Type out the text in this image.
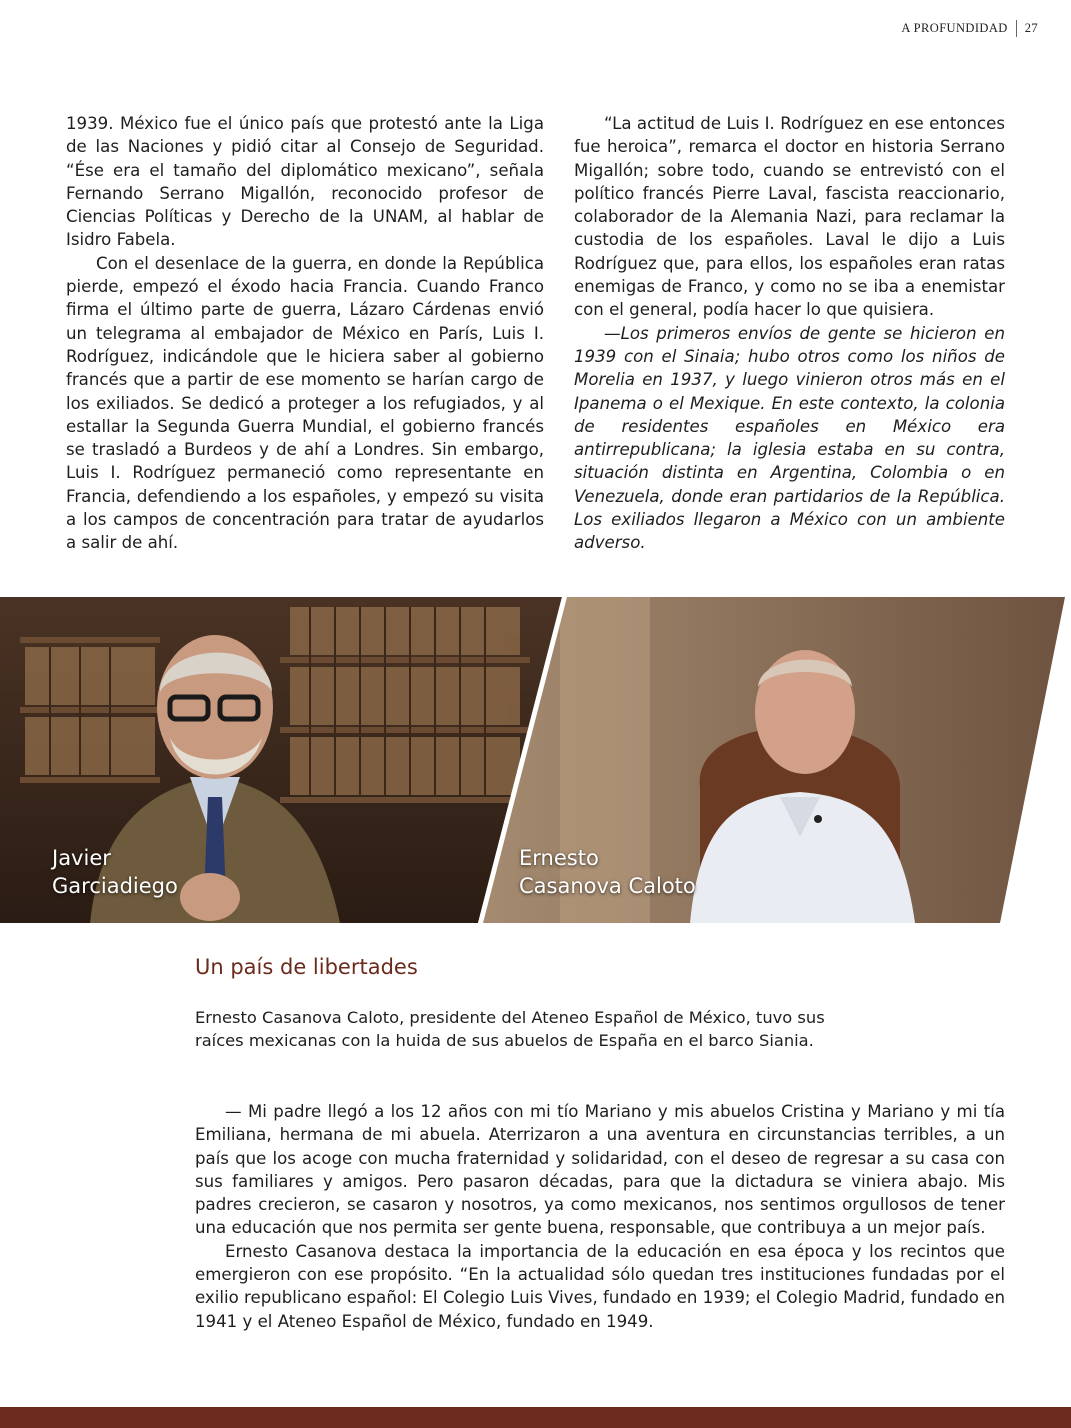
A PROFUNDIDAD 27

1939. México fue el único país que protestó ante la Liga de las Naciones y pidió citar al Consejo de Seguridad. “Ése era el tamaño del diplomático mexicano”, señala Fernando Serrano Migallón, reconocido profesor de Ciencias Políticas y Derecho de la UNAM, al hablar de Isidro Fabela.

Con el desenlace de la guerra, en donde la República pierde, empezó el éxodo hacia Francia. Cuando Franco firma el último parte de guerra, Lázaro Cárdenas envió un telegrama al embajador de México en París, Luis I. Rodríguez, indicándole que le hiciera saber al gobierno francés que a partir de ese momento se harían cargo de los exiliados. Se dedicó a proteger a los refugiados, y al estallar la Segunda Guerra Mundial, el gobierno francés se trasladó a Burdeos y de ahí a Londres. Sin embargo, Luis I. Rodríguez permaneció como representante en Francia, defendiendo a los españoles, y empezó su visita a los campos de concentración para tratar de ayudarlos a salir de ahí.

“La actitud de Luis I. Rodríguez en ese entonces fue heroica”, remarca el doctor en historia Serrano Migallón; sobre todo, cuando se entrevistó con el político francés Pierre Laval, fascista reaccionario, colaborador de la Alemania Nazi, para reclamar la custodia de los españoles. Laval le dijo a Luis Rodríguez que, para ellos, los españoles eran ratas enemigas de Franco, y como no se iba a enemistar con el general, podía hacer lo que quisiera.

—Los primeros envíos de gente se hicieron en 1939 con el Sinaia; hubo otros como los niños de Morelia en 1937, y luego vinieron otros más en el Ipanema o el Mexique. En este contexto, la colonia de residentes españoles en México era antirrepublicana; la iglesia estaba en su contra, situación distinta en Argentina, Colombia o en Venezuela, donde eran partidarios de la República. Los exiliados llegaron a México con un ambiente adverso.

Javier
Garciadiego
Ernesto
Casanova Caloto
Un país de libertades
Ernesto Casanova Caloto, presidente del Ateneo Español de México, tuvo sus raíces mexicanas con la huida de sus abuelos de España en el barco Siania.

— Mi padre llegó a los 12 años con mi tío Mariano y mis abuelos Cristina y Mariano y mi tía Emiliana, hermana de mi abuela. Aterrizaron a una aventura en circunstancias terribles, a un país que los acoge con mucha fraternidad y solidaridad, con el deseo de regresar a su casa con sus familiares y amigos. Pero pasaron décadas, para que la dictadura se viniera abajo. Mis padres crecieron, se casaron y nosotros, ya como mexicanos, nos sentimos orgullosos de tener una educación que nos permita ser gente buena, responsable, que contribuya a un mejor país.

Ernesto Casanova destaca la importancia de la educación en esa época y los recintos que emergieron con ese propósito. “En la actualidad sólo quedan tres instituciones fundadas por el exilio republicano español: El Colegio Luis Vives, fundado en 1939; el Colegio Madrid, fundado en 1941 y el Ateneo Español de México, fundado en 1949.
